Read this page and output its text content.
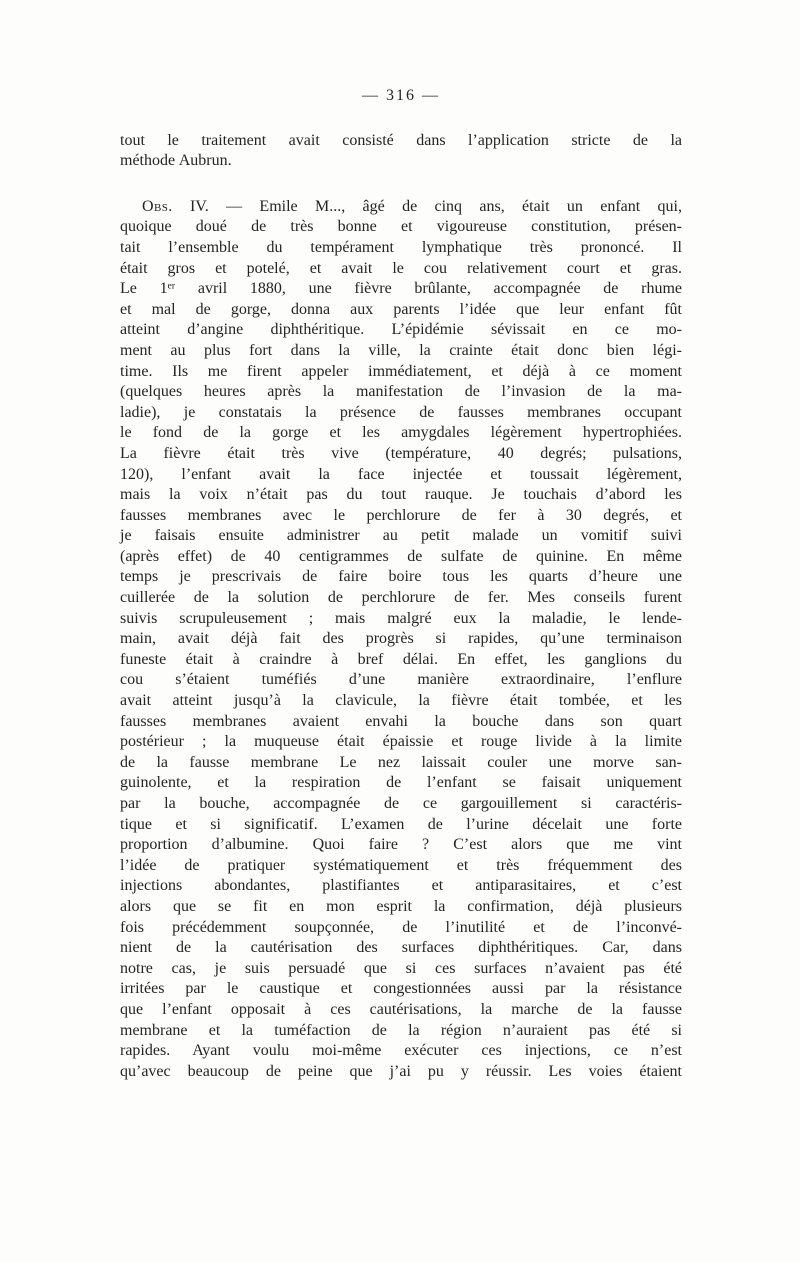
— 316 —
tout le traitement avait consisté dans l’application stricte de la
méthode Aubrun.
Obs. IV. — Emile M..., âgé de cinq ans, était un enfant qui,
quoique doué de très bonne et vigoureuse constitution, présen-
tait l’ensemble du tempérament lymphatique très prononcé. Il
était gros et potelé, et avait le cou relativement court et gras.
Le 1ᵉʳ avril 1880, une fièvre brûlante, accompagnée de rhume
et mal de gorge, donna aux parents l’idée que leur enfant fût
atteint d’angine diphthéritique. L’épidémie sévissait en ce mo-
ment au plus fort dans la ville, la crainte était donc bien légi-
time. Ils me firent appeler immédiatement, et déjà à ce moment
(quelques heures après la manifestation de l’invasion de la ma-
ladie), je constatais la présence de fausses membranes occupant
le fond de la gorge et les amygdales légèrement hypertrophiées.
La fièvre était très vive (température, 40 degrés; pulsations,
120), l’enfant avait la face injectée et toussait légèrement,
mais la voix n’était pas du tout rauque. Je touchais d’abord les
fausses membranes avec le perchlorure de fer à 30 degrés, et
je faisais ensuite administrer au petit malade un vomitif suivi
(après effet) de 40 centigrammes de sulfate de quinine. En même
temps je prescrivais de faire boire tous les quarts d’heure une
cuillerée de la solution de perchlorure de fer. Mes conseils furent
suivis scrupuleusement ; mais malgré eux la maladie, le lende-
main, avait déjà fait des progrès si rapides, qu’une terminaison
funeste était à craindre à bref délai. En effet, les ganglions du
cou s’étaient tuméfiés d’une manière extraordinaire, l’enflure
avait atteint jusqu’à la clavicule, la fièvre était tombée, et les
fausses membranes avaient envahi la bouche dans son quart
postérieur ; la muqueuse était épaissie et rouge livide à la limite
de la fausse membrane Le nez laissait couler une morve san-
guinolente, et la respiration de l’enfant se faisait uniquement
par la bouche, accompagnée de ce gargouillement si caractéris-
tique et si significatif. L’examen de l’urine décelait une forte
proportion d’albumine. Quoi faire ? C’est alors que me vint
l’idée de pratiquer systématiquement et très fréquemment des
injections abondantes, plastifiantes et antiparasitaires, et c’est
alors que se fit en mon esprit la confirmation, déjà plusieurs
fois précédemment soupçonnée, de l’inutilité et de l’inconvé-
nient de la cautérisation des surfaces diphthéritiques. Car, dans
notre cas, je suis persuadé que si ces surfaces n’avaient pas été
irritées par le caustique et congestionnées aussi par la résistance
que l’enfant opposait à ces cautérisations, la marche de la fausse
membrane et la tuméfaction de la région n’auraient pas été si
rapides. Ayant voulu moi-même exécuter ces injections, ce n’est
qu’avec beaucoup de peine que j’ai pu y réussir. Les voies étaient
